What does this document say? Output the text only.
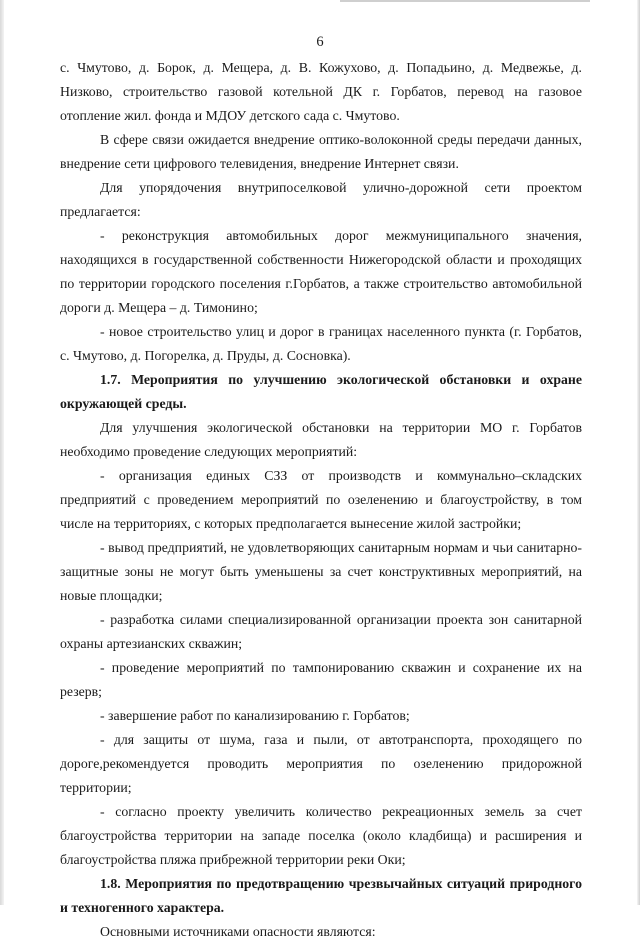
6

с. Чмутово, д. Борок, д. Мещера, д. В. Кожухово, д. Попадьино, д. Медвежье, д. Низково, строительство газовой котельной ДК г. Горбатов, перевод на газовое отопление жил. фонда и МДОУ детского сада с. Чмутово.

В сфере связи ожидается внедрение оптико-волоконной среды передачи данных, внедрение сети цифрового телевидения, внедрение Интернет связи.

Для упорядочения внутрипоселковой улично-дорожной сети проектом предлагается:

- реконструкция автомобильных дорог межмуниципального значения, находящихся в государственной собственности Нижегородской области и проходящих по территории городского поселения г.Горбатов, а также строительство автомобильной дороги д. Мещера – д. Тимонино;

- новое строительство улиц и дорог в границах населенного пункта (г. Горбатов, с. Чмутово, д. Погорелка, д. Пруды, д. Сосновка).

1.7. Мероприятия по улучшению экологической обстановки и охране окружающей среды.

Для улучшения экологической обстановки на территории МО г. Горбатов необходимо проведение следующих мероприятий:

- организация единых СЗЗ от производств и коммунально–складских предприятий с проведением мероприятий по озеленению и благоустройству, в том числе на территориях, с которых предполагается вынесение жилой застройки;

- вывод предприятий, не удовлетворяющих санитарным нормам и чьи санитарно-защитные зоны не могут быть уменьшены за счет конструктивных мероприятий, на новые площадки;

- разработка силами специализированной организации проекта зон санитарной охраны артезианских скважин;

- проведение мероприятий по тампонированию скважин и сохранение их на резерв;

- завершение работ по канализированию г. Горбатов;

- для защиты от шума, газа и пыли, от автотранспорта, проходящего по дороге,рекомендуется проводить мероприятия по озеленению придорожной территории;

- согласно проекту увеличить количество рекреационных земель за счет благоустройства территории на западе поселка (около кладбища) и расширения и благоустройства пляжа прибрежной территории реки Оки;

1.8. Мероприятия по предотвращению чрезвычайных ситуаций природного и техногенного характера.

Основными источниками опасности являются:
